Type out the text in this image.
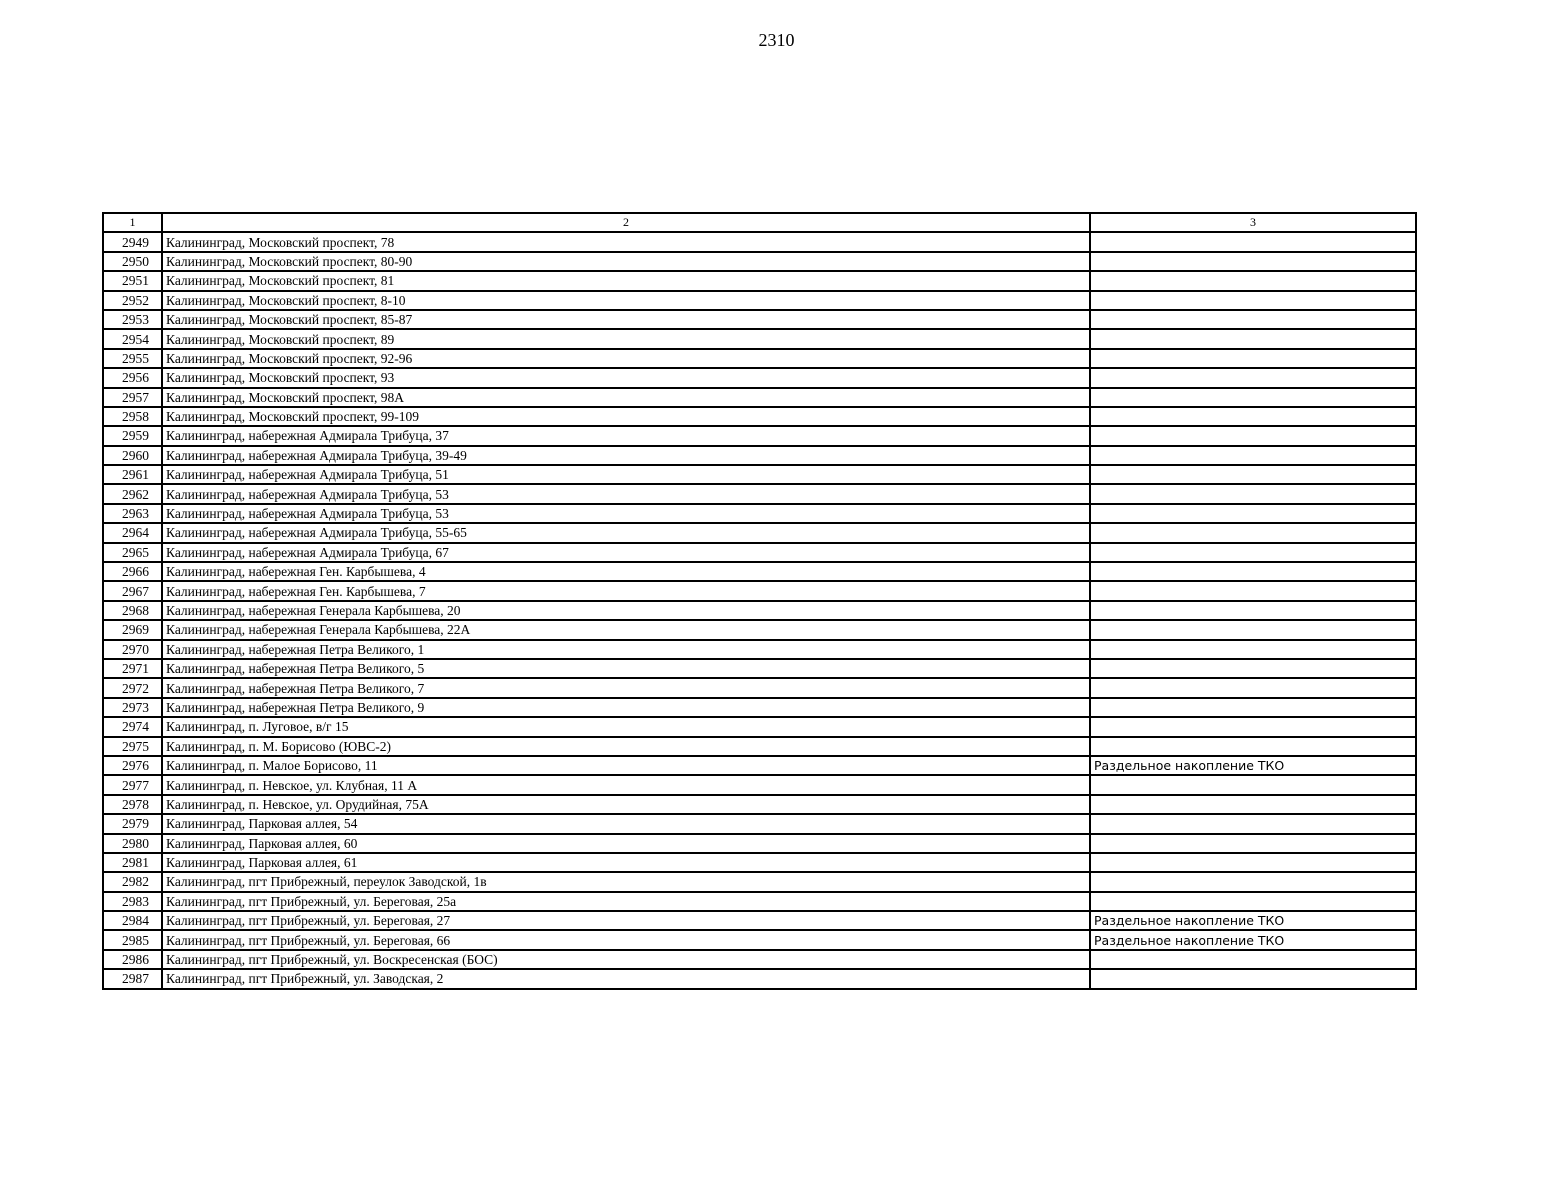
2310
1	2	3
2949	Калининград, Московский проспект, 78	
2950	Калининград, Московский проспект, 80-90	
2951	Калининград, Московский проспект, 81	
2952	Калининград, Московский проспект, 8-10	
2953	Калининград, Московский проспект, 85-87	
2954	Калининград, Московский проспект, 89	
2955	Калининград, Московский проспект, 92-96	
2956	Калининград, Московский проспект, 93	
2957	Калининград, Московский проспект, 98А	
2958	Калининград, Московский проспект, 99-109	
2959	Калининград, набережная Адмирала Трибуца, 37	
2960	Калининград, набережная Адмирала Трибуца, 39-49	
2961	Калининград, набережная Адмирала Трибуца, 51	
2962	Калининград, набережная Адмирала Трибуца, 53	
2963	Калининград, набережная Адмирала Трибуца, 53	
2964	Калининград, набережная Адмирала Трибуца, 55-65	
2965	Калининград, набережная Адмирала Трибуца, 67	
2966	Калининград, набережная Ген. Карбышева, 4	
2967	Калининград, набережная Ген. Карбышева, 7	
2968	Калининград, набережная Генерала Карбышева, 20	
2969	Калининград, набережная Генерала Карбышева, 22А	
2970	Калининград, набережная Петра Великого, 1	
2971	Калининград, набережная Петра Великого, 5	
2972	Калининград, набережная Петра Великого, 7	
2973	Калининград, набережная Петра Великого, 9	
2974	Калининград, п. Луговое, в/г 15	
2975	Калининград, п. М. Борисово (ЮВС-2)	
2976	Калининград, п. Малое Борисово, 11	Раздельное накопление ТКО
2977	Калининград, п. Невское, ул. Клубная, 11 А	
2978	Калининград, п. Невское, ул. Орудийная, 75А	
2979	Калининград, Парковая аллея, 54	
2980	Калининград, Парковая аллея, 60	
2981	Калининград, Парковая аллея, 61	
2982	Калининград, пгт Прибрежный, переулок Заводской, 1в	
2983	Калининград, пгт Прибрежный, ул. Береговая, 25а	
2984	Калининград, пгт Прибрежный, ул. Береговая, 27	Раздельное накопление ТКО
2985	Калининград, пгт Прибрежный, ул. Береговая, 66	Раздельное накопление ТКО
2986	Калининград, пгт Прибрежный, ул. Воскресенская (БОС)	
2987	Калининград, пгт Прибрежный, ул. Заводская, 2	
